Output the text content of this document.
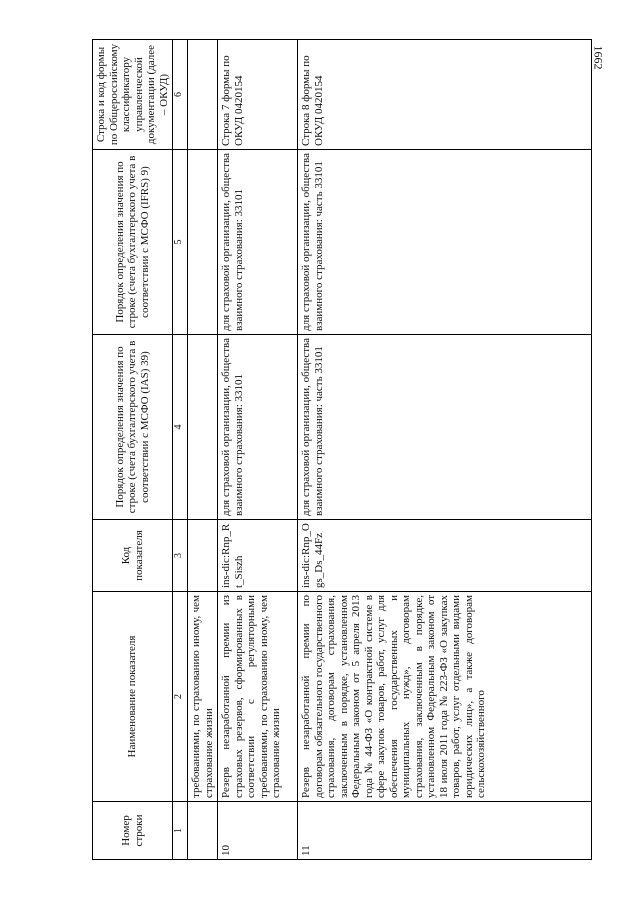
1662
Номер строки	Наименование показателя	Код показателя	Порядок определения значения по строке (счета бухгалтерского учета в соответствии с МСФО (IAS) 39)	Порядок определения значения по строке (счета бухгалтерского учета в соответствии с МСФО (IFRS) 9)	Строка и код формы по Общероссийскому классификатору управленческой документации (далее – ОКУД)
1	2	3	4	5	6
	требованиями, по страхованию иному, чем страхование жизни				
10	Резерв незаработанной премии из страховых резервов, сформированных в соответствии с регуляторными требованиями, по страхованию иному, чем страхование жизни	ins-dic:Rnp_Rt_Siszh	для страховой организации, общества взаимного страхования: 33101	для страховой организации, общества взаимного страхования: 33101	Строка 7 формы по ОКУД 0420154
11	Резерв незаработанной премии по договорам обязательного государственного страхования, договорам страхования, заключенным в порядке, установленном Федеральным законом от 5 апреля 2013 года № 44-ФЗ «О контрактной системе в сфере закупок товаров, работ, услуг для обеспечения государственных и муниципальных нужд», договорам страхования, заключенным в порядке, установленном Федеральным законом от 18 июля 2011 года № 223-ФЗ «О закупках товаров, работ, услуг отдельными видами юридических лиц», а также договорам сельскохозяйственного	ins-dic:Rnp_Ogs_Ds_44Fz	для страховой организации, общества взаимного страхования: часть 33101	для страховой организации, общества взаимного страхования: часть 33101	Строка 8 формы по ОКУД 0420154
